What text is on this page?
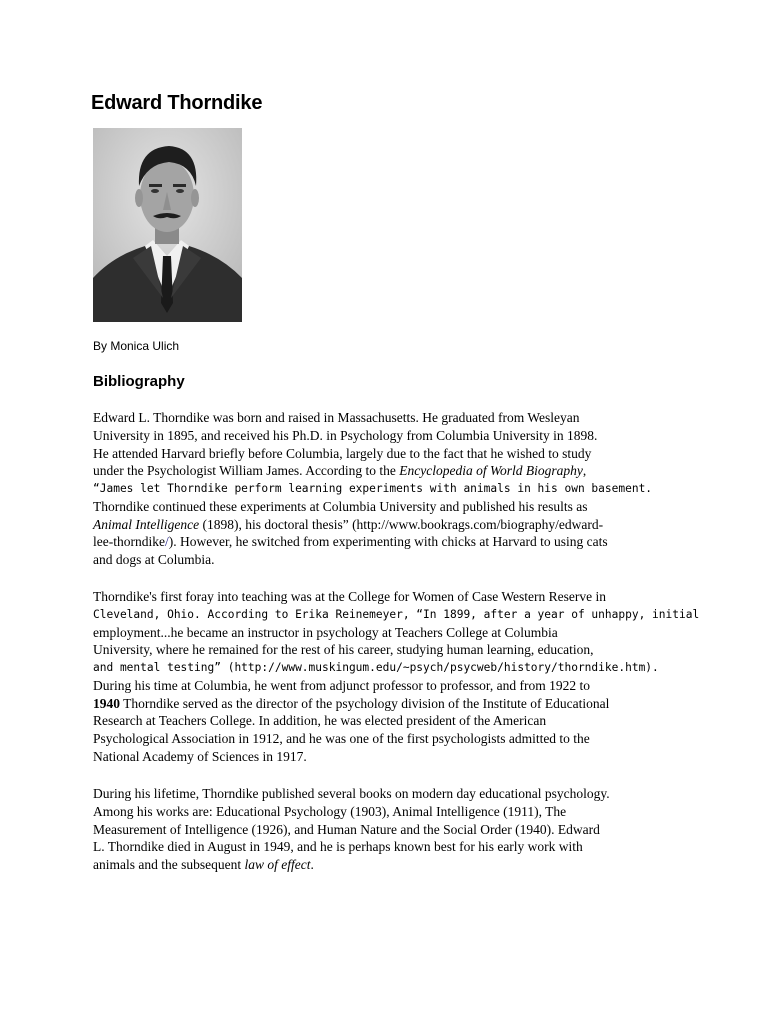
Edward Thorndike

By Monica Ulich

Bibliography
Edward L. Thorndike was born and raised in Massachusetts. He graduated from Wesleyan
University in 1895, and received his Ph.D. in Psychology from Columbia University in 1898.
He attended Harvard briefly before Columbia, largely due to the fact that he wished to study
under the Psychologist William James. According to the Encyclopedia of World Biography,
“James let Thorndike perform learning experiments with animals in his own basement.
Thorndike continued these experiments at Columbia University and published his results as
Animal Intelligence (1898), his doctoral thesis” (http://www.bookrags.com/biography/edward-
lee-thorndike/). However, he switched from experimenting with chicks at Harvard to using cats
and dogs at Columbia.
Thorndike's first foray into teaching was at the College for Women of Case Western Reserve in
Cleveland, Ohio. According to Erika Reinemeyer, “In 1899, after a year of unhappy, initial
employment...he became an instructor in psychology at Teachers College at Columbia
University, where he remained for the rest of his career, studying human learning, education,
and mental testing” (http://www.muskingum.edu/~psych/psycweb/history/thorndike.htm).
During his time at Columbia, he went from adjunct professor to professor, and from 1922 to
1940 Thorndike served as the director of the psychology division of the Institute of Educational
Research at Teachers College. In addition, he was elected president of the American
Psychological Association in 1912, and he was one of the first psychologists admitted to the
National Academy of Sciences in 1917.
During his lifetime, Thorndike published several books on modern day educational psychology.
Among his works are: Educational Psychology (1903), Animal Intelligence (1911), The
Measurement of Intelligence (1926), and Human Nature and the Social Order (1940). Edward
L. Thorndike died in August in 1949, and he is perhaps known best for his early work with
animals and the subsequent law of effect.
